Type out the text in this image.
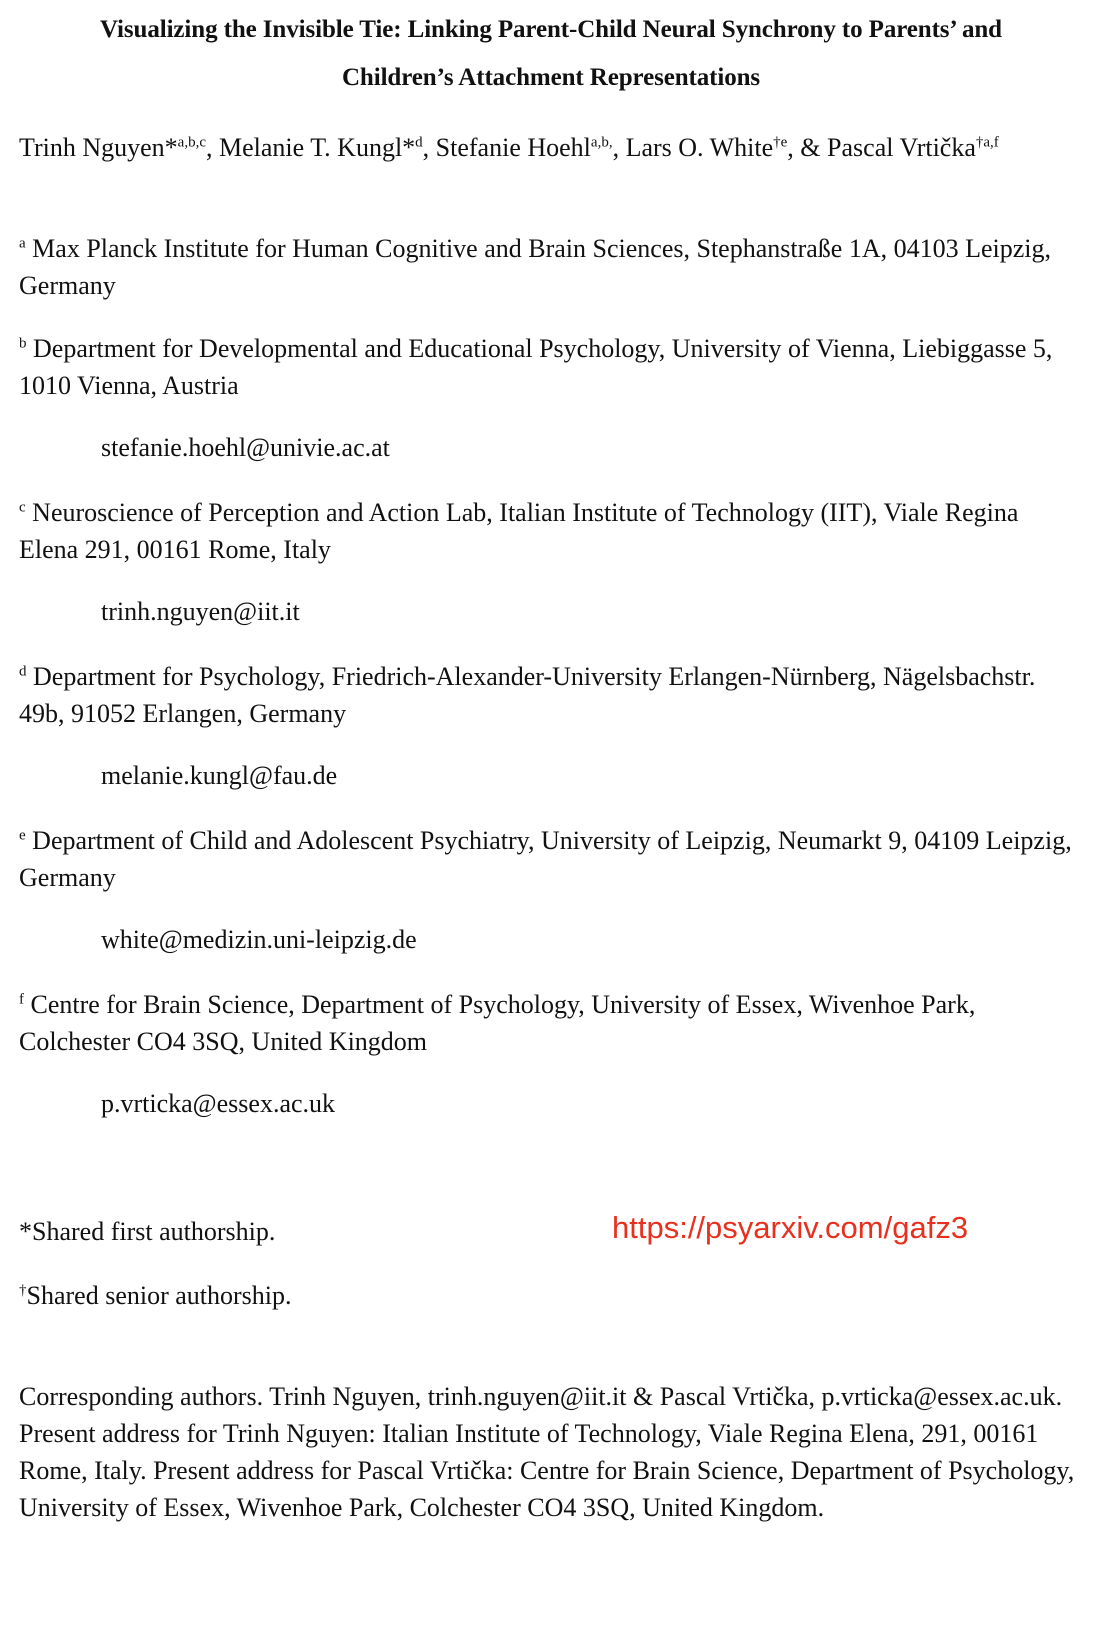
Visualizing the Invisible Tie: Linking Parent-Child Neural Synchrony to Parents’ and
Children’s Attachment Representations
Trinh Nguyen*$^{a,b,c}$, Melanie T. Kungl*$^d$, Stefanie Hoehl$^{a,b,}$, Lars O. White$^{\dagger e}$, & Pascal Vrtička$^{\dagger a,f}$
$^a$ Max Planck Institute for Human Cognitive and Brain Sciences, Stephanstraße 1A, 04103 Leipzig, Germany
$^b$ Department for Developmental and Educational Psychology, University of Vienna, Liebiggasse 5, 1010 Vienna, Austria
stefanie.hoehl@univie.ac.at
$^c$ Neuroscience of Perception and Action Lab, Italian Institute of Technology (IIT), Viale Regina Elena 291, 00161 Rome, Italy
trinh.nguyen@iit.it
$^d$ Department for Psychology, Friedrich-Alexander-University Erlangen-Nürnberg, Nägelsbachstr. 49b, 91052 Erlangen, Germany
melanie.kungl@fau.de
$^e$ Department of Child and Adolescent Psychiatry, University of Leipzig, Neumarkt 9, 04109 Leipzig, Germany
white@medizin.uni-leipzig.de
$^f$ Centre for Brain Science, Department of Psychology, University of Essex, Wivenhoe Park, Colchester CO4 3SQ, United Kingdom
p.vrticka@essex.ac.uk
*Shared first authorship.	https://psyarxiv.com/gafz3
†Shared senior authorship.
Corresponding authors. Trinh Nguyen, trinh.nguyen@iit.it & Pascal Vrtička, p.vrticka@essex.ac.uk. Present address for Trinh Nguyen: Italian Institute of Technology, Viale Regina Elena, 291, 00161 Rome, Italy. Present address for Pascal Vrtička: Centre for Brain Science, Department of Psychology, University of Essex, Wivenhoe Park, Colchester CO4 3SQ, United Kingdom.
